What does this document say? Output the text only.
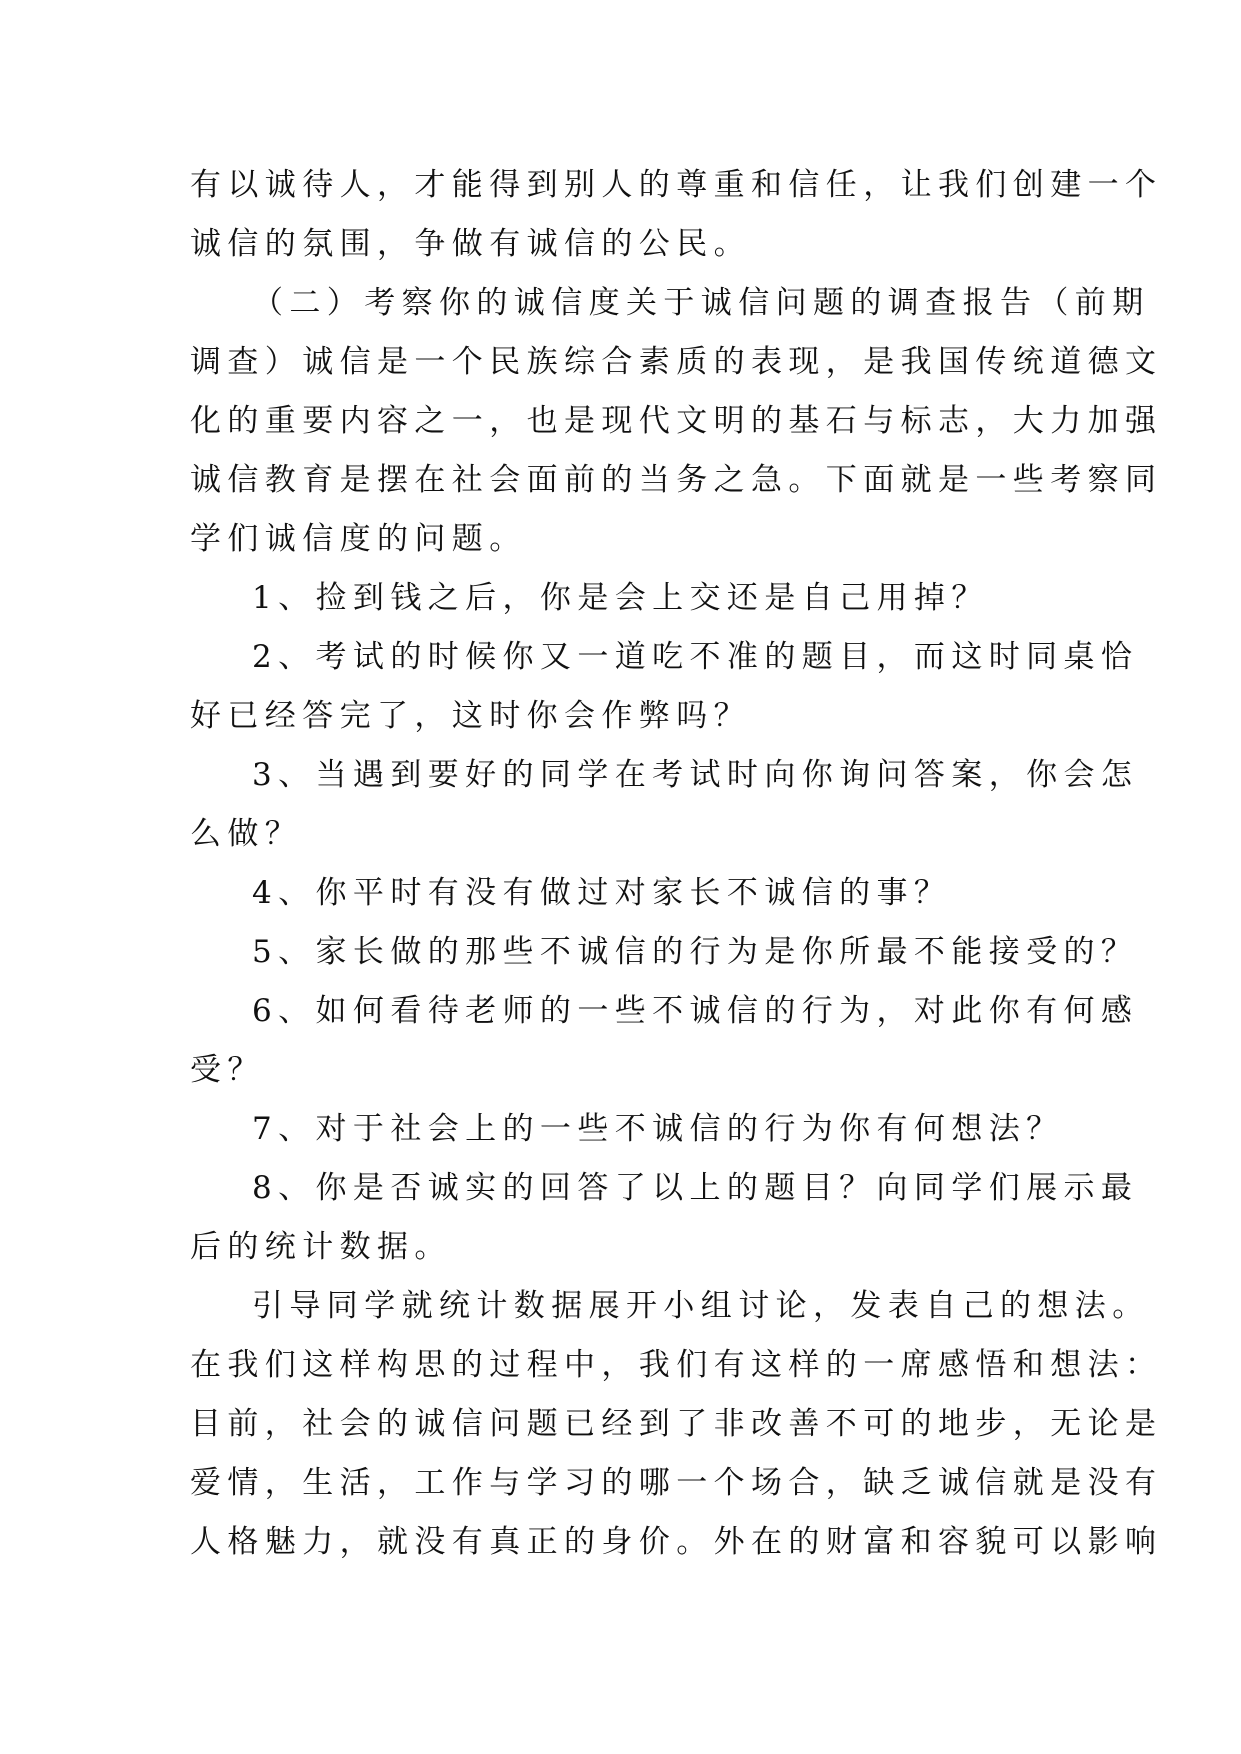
有以诚待人，才能得到别人的尊重和信任，让我们创建一个
诚信的氛围，争做有诚信的公民。
（二）考察你的诚信度关于诚信问题的调查报告（前期
调查）诚信是一个民族综合素质的表现，是我国传统道德文
化的重要内容之一，也是现代文明的基石与标志，大力加强
诚信教育是摆在社会面前的当务之急。下面就是一些考察同
学们诚信度的问题。
1、捡到钱之后，你是会上交还是自己用掉？
2、考试的时候你又一道吃不准的题目，而这时同桌恰
好已经答完了，这时你会作弊吗？
3、当遇到要好的同学在考试时向你询问答案，你会怎
么做？
4、你平时有没有做过对家长不诚信的事？
5、家长做的那些不诚信的行为是你所最不能接受的？
6、如何看待老师的一些不诚信的行为，对此你有何感
受？
7、对于社会上的一些不诚信的行为你有何想法？
8、你是否诚实的回答了以上的题目？向同学们展示最
后的统计数据。
引导同学就统计数据展开小组讨论，发表自己的想法。
在我们这样构思的过程中，我们有这样的一席感悟和想法：
目前，社会的诚信问题已经到了非改善不可的地步，无论是
爱情，生活，工作与学习的哪一个场合，缺乏诚信就是没有
人格魅力，就没有真正的身价。外在的财富和容貌可以影响
